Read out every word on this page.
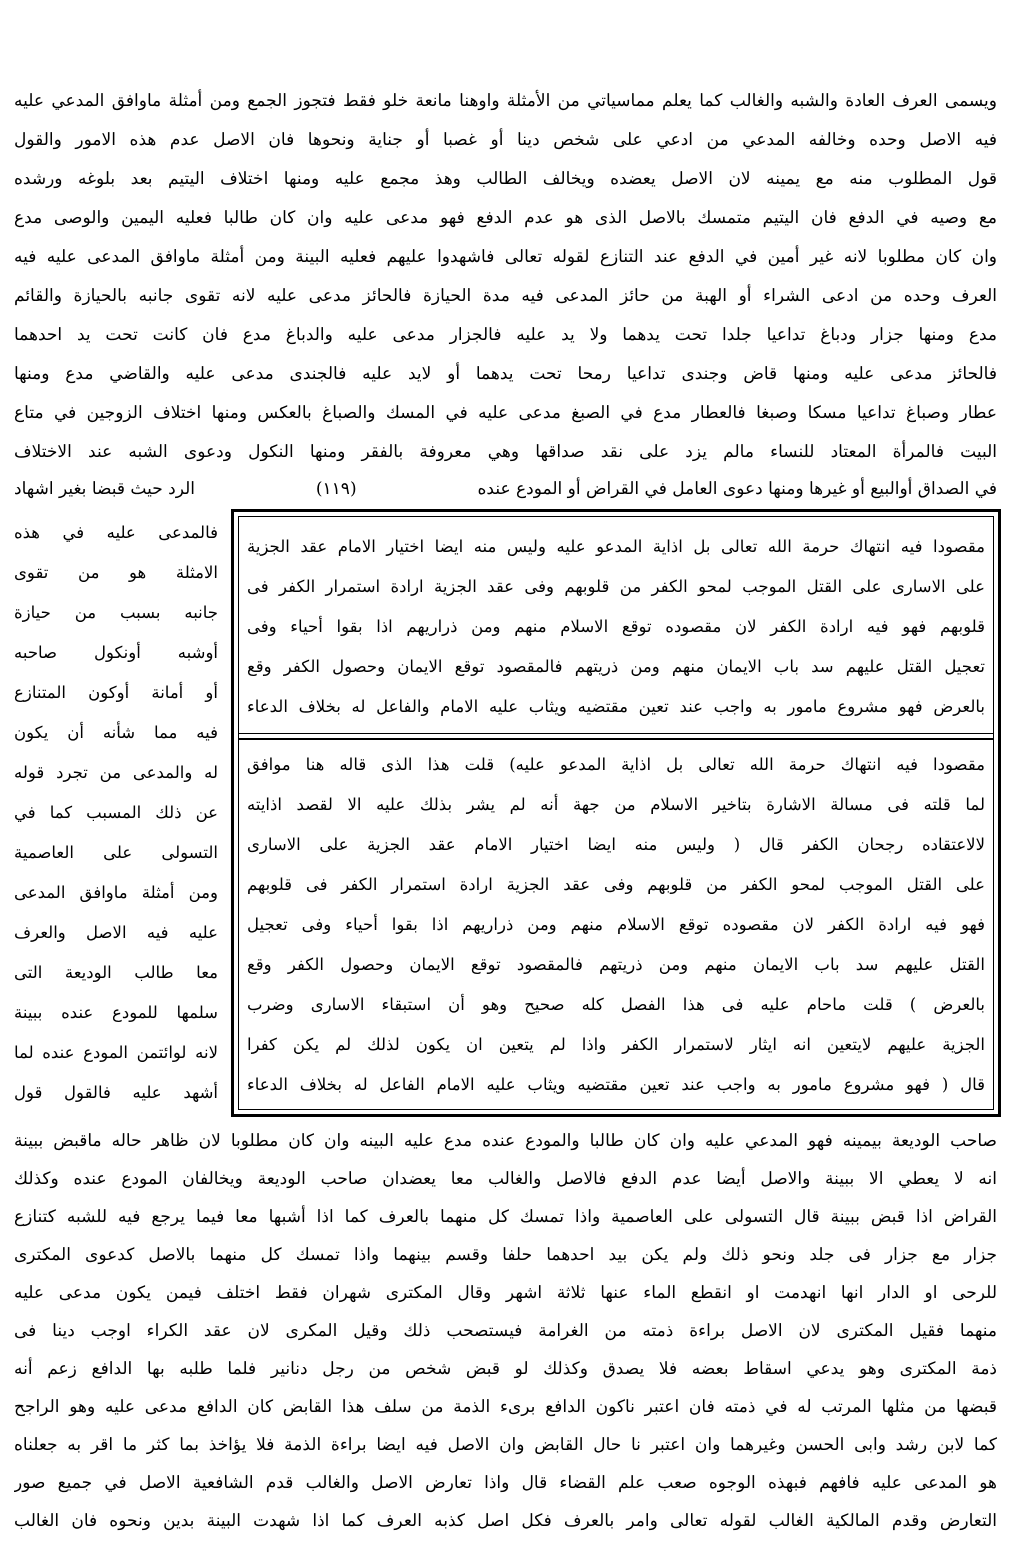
ويسمى العرف العادة والشبه والغالب كما يعلم مماسياتي من الأمثلة واوهنا مانعة خلو فقط فتجوز الجمع ومن أمثلة ماوافق المدعي عليه
فيه الاصل وحده وخالفه المدعي من ادعي على شخص دينا أو غصبا أو جناية ونحوها فان الاصل عدم هذه الامور والقول
قول المطلوب منه مع يمينه لان الاصل يعضده ويخالف الطالب وهذ مجمع عليه ومنها اختلاف اليتيم بعد بلوغه ورشده
مع وصيه في الدفع فان اليتيم متمسك بالاصل الذى هو عدم الدفع فهو مدعى عليه وان كان طالبا فعليه اليمين والوصى مدع
وان كان مطلوبا لانه غير أمين في الدفع عند التنازع لقوله تعالى فاشهدوا عليهم فعليه البينة ومن أمثلة ماوافق المدعى عليه فيه
العرف وحده من ادعى الشراء أو الهبة من حائز المدعى فيه مدة الحيازة فالحائز مدعى عليه لانه تقوى جانبه بالحيازة والقائم
مدع ومنها جزار ودباغ تداعيا جلدا تحت يدهما ولا يد عليه فالجزار مدعى عليه والدباغ مدع فان كانت تحت يد احدهما
فالحائز مدعى عليه ومنها قاض وجندى تداعيا رمحا تحت يدهما أو لايد عليه فالجندى مدعى عليه والقاضي مدع ومنها
عطار وصباغ تداعيا مسكا وصبغا فالعطار مدع في الصبغ مدعى عليه في المسك والصباغ بالعكس ومنها اختلاف الزوجين في متاع
البيت فالمرأة المعتاد للنساء مالم يزد على نقد صداقها وهي معروفة بالفقر ومنها النكول ودعوى الشبه عند الاختلاف
في الصداق أوالبيع أو غيرها ومنها دعوى العامل في القراض أو المودع عنده
(١١٩)
الرد حيث قبضا بغير اشهاد
مقصودا فيه انتهاك حرمة الله تعالى بل اذاية المدعو عليه وليس منه ايضا اختيار الامام عقد الجزية
على الاسارى على القتل الموجب لمحو الكفر من قلوبهم وفى عقد الجزية ارادة استمرار الكفر فى
قلوبهم فهو فيه ارادة الكفر لان مقصوده توقع الاسلام منهم ومن ذراريهم اذا بقوا أحياء وفى
تعجيل القتل عليهم سد باب الايمان منهم ومن ذريتهم فالمقصود توقع الايمان وحصول الكفر وقع
بالعرض فهو مشروع مامور به واجب عند تعين مقتضيه ويثاب عليه الامام والفاعل له بخلاف الدعاء
مقصودا فيه انتهاك حرمة الله تعالى بل اذاية المدعو عليه) قلت هذا الذى قاله هنا موافق
لما قلته فى مسالة الاشارة بتاخير الاسلام من جهة أنه لم يشر بذلك عليه الا لقصد اذايته
لالاعتقاده رجحان الكفر قال ( وليس منه ايضا اختيار الامام عقد الجزية على الاسارى
على القتل الموجب لمحو الكفر من قلوبهم وفى عقد الجزية ارادة استمرار الكفر فى قلوبهم
فهو فيه ارادة الكفر لان مقصوده توقع الاسلام منهم ومن ذراريهم اذا بقوا أحياء وفى تعجيل
القتل عليهم سد باب الايمان منهم ومن ذريتهم فالمقصود توقع الايمان وحصول الكفر وقع
بالعرض ) قلت ماحام عليه فى هذا الفصل كله صحيح وهو أن استبقاء الاسارى وضرب
الجزية عليهم لايتعين انه ايثار لاستمرار الكفر واذا لم يتعين ان يكون لذلك لم يكن كفرا
قال ( فهو مشروع مامور به واجب عند تعين مقتضيه ويثاب عليه الامام الفاعل له بخلاف الدعاء
فالمدعى عليه في هذه
الامثلة هو من تقوى
جانبه بسبب من حيازة
أوشبه أونكول صاحبه
أو أمانة أوكون المتنازع
فيه مما شأنه أن يكون
له والمدعى من تجرد قوله
عن ذلك المسبب كما في
التسولى على العاصمية
ومن أمثلة ماوافق المدعى
عليه فيه الاصل والعرف
معا طالب الوديعة التى
سلمها للمودع عنده ببينة
لانه لوائتمن المودع عنده لما
أشهد عليه فالقول قول
صاحب الوديعة بيمينه فهو المدعي عليه وان كان طالبا والمودع عنده مدع عليه البينه وان كان مطلوبا لان ظاهر حاله ماقبض ببينة
انه لا يعطي الا ببينة والاصل أيضا عدم الدفع فالاصل والغالب معا يعضدان صاحب الوديعة ويخالفان المودع عنده وكذلك
القراض اذا قبض ببينة قال التسولى على العاصمية واذا تمسك كل منهما بالعرف كما اذا أشبها معا فيما يرجع فيه للشبه كتنازع
جزار مع جزار فى جلد ونحو ذلك ولم يكن بيد احدهما حلفا وقسم بينهما واذا تمسك كل منهما بالاصل كدعوى المكترى
للرحى او الدار انها انهدمت او انقطع الماء عنها ثلاثة اشهر وقال المكترى شهران فقط اختلف فيمن يكون مدعى عليه
منهما فقيل المكترى لان الاصل براءة ذمته من الغرامة فيستصحب ذلك وقيل المكرى لان عقد الكراء اوجب دينا فى
ذمة المكترى وهو يدعي اسقاط بعضه فلا يصدق وكذلك لو قبض شخص من رجل دنانير فلما طلبه بها الدافع زعم أنه
قبضها من مثلها المرتب له في ذمته فان اعتبر ناكون الدافع برىء الذمة من سلف هذا القابض كان الدافع مدعى عليه وهو الراجح
كما لابن رشد وابى الحسن وغيرهما وان اعتبر نا حال القابض وان الاصل فيه ايضا براءة الذمة فلا يؤاخذ بما كثر ما اقر به جعلناه
هو المدعى عليه فافهم فبهذه الوجوه صعب علم القضاء قال واذا تعارض الاصل والغالب قدم الشافعية الاصل في جميع صور
التعارض وقدم المالكية الغالب لقوله تعالى وامر بالعرف فكل اصل كذبه العرف كما اذا شهدت البينة بدين ونحوه فان الغالب
